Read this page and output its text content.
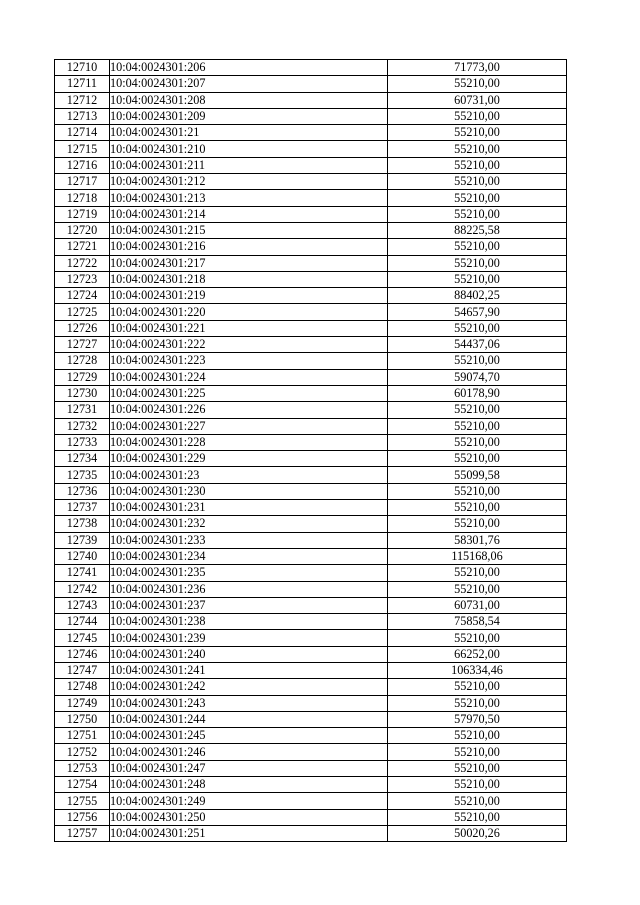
12710	10:04:0024301:206	71773,00
12711	10:04:0024301:207	55210,00
12712	10:04:0024301:208	60731,00
12713	10:04:0024301:209	55210,00
12714	10:04:0024301:21	55210,00
12715	10:04:0024301:210	55210,00
12716	10:04:0024301:211	55210,00
12717	10:04:0024301:212	55210,00
12718	10:04:0024301:213	55210,00
12719	10:04:0024301:214	55210,00
12720	10:04:0024301:215	88225,58
12721	10:04:0024301:216	55210,00
12722	10:04:0024301:217	55210,00
12723	10:04:0024301:218	55210,00
12724	10:04:0024301:219	88402,25
12725	10:04:0024301:220	54657,90
12726	10:04:0024301:221	55210,00
12727	10:04:0024301:222	54437,06
12728	10:04:0024301:223	55210,00
12729	10:04:0024301:224	59074,70
12730	10:04:0024301:225	60178,90
12731	10:04:0024301:226	55210,00
12732	10:04:0024301:227	55210,00
12733	10:04:0024301:228	55210,00
12734	10:04:0024301:229	55210,00
12735	10:04:0024301:23	55099,58
12736	10:04:0024301:230	55210,00
12737	10:04:0024301:231	55210,00
12738	10:04:0024301:232	55210,00
12739	10:04:0024301:233	58301,76
12740	10:04:0024301:234	115168,06
12741	10:04:0024301:235	55210,00
12742	10:04:0024301:236	55210,00
12743	10:04:0024301:237	60731,00
12744	10:04:0024301:238	75858,54
12745	10:04:0024301:239	55210,00
12746	10:04:0024301:240	66252,00
12747	10:04:0024301:241	106334,46
12748	10:04:0024301:242	55210,00
12749	10:04:0024301:243	55210,00
12750	10:04:0024301:244	57970,50
12751	10:04:0024301:245	55210,00
12752	10:04:0024301:246	55210,00
12753	10:04:0024301:247	55210,00
12754	10:04:0024301:248	55210,00
12755	10:04:0024301:249	55210,00
12756	10:04:0024301:250	55210,00
12757	10:04:0024301:251	50020,26
